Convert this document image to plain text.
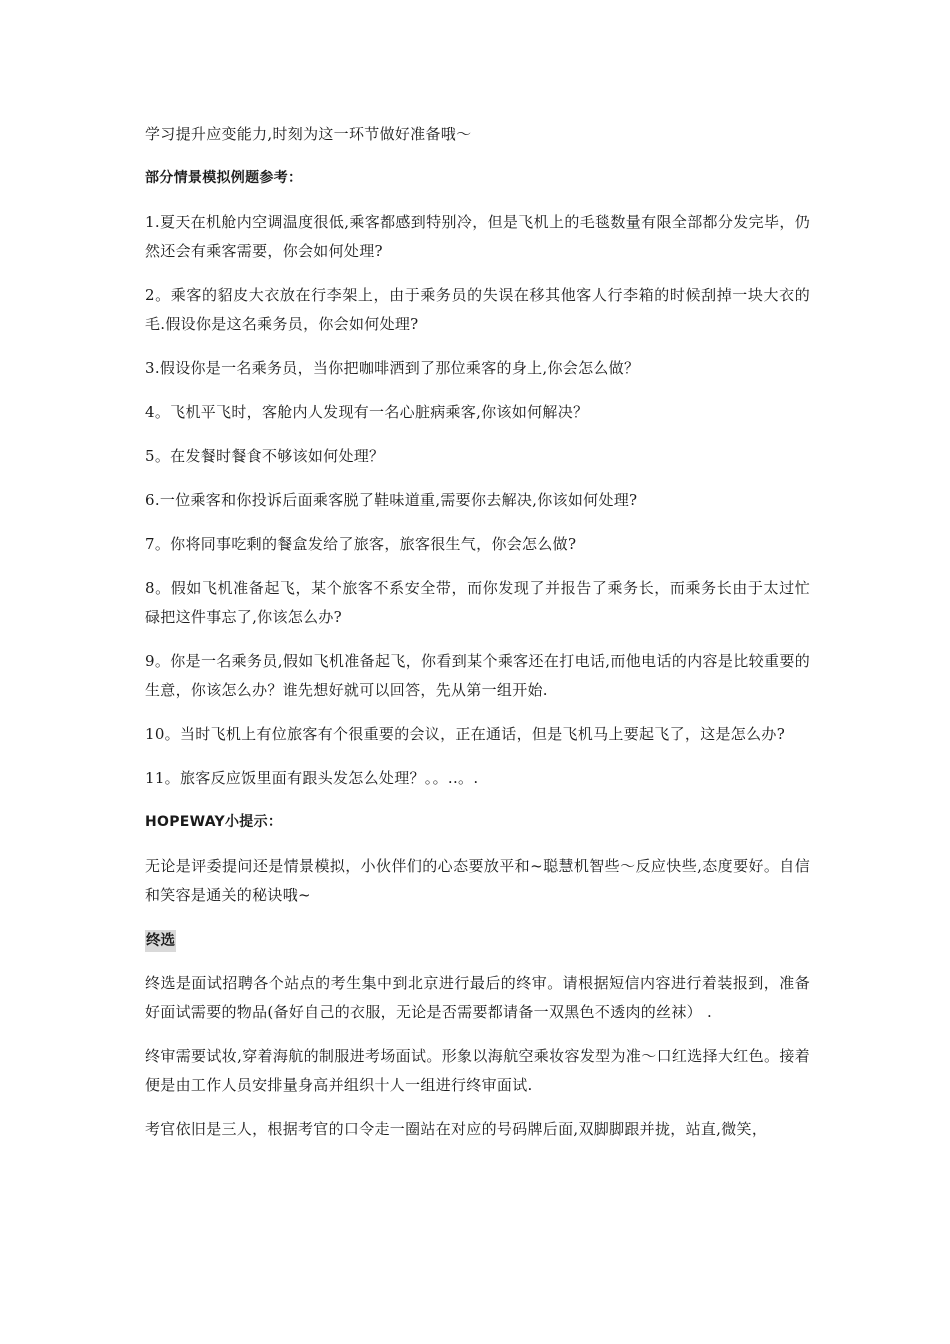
学习提升应变能力,时刻为这一环节做好准备哦～

部分情景模拟例题参考：

1.夏天在机舱内空调温度很低,乘客都感到特别冷，但是飞机上的毛毯数量有限全部都分发完毕，仍然还会有乘客需要，你会如何处理?

2。乘客的貂皮大衣放在行李架上，由于乘务员的失误在移其他客人行李箱的时候刮掉一块大衣的毛.假设你是这名乘务员，你会如何处理?

3.假设你是一名乘务员，当你把咖啡洒到了那位乘客的身上,你会怎么做？

4。飞机平飞时，客舱内人发现有一名心脏病乘客,你该如何解决？

5。在发餐时餐食不够该如何处理？

6.一位乘客和你投诉后面乘客脱了鞋味道重,需要你去解决,你该如何处理?

7。你将同事吃剩的餐盒发给了旅客，旅客很生气，你会怎么做?

8。假如飞机准备起飞，某个旅客不系安全带，而你发现了并报告了乘务长，而乘务长由于太过忙碌把这件事忘了,你该怎么办?

9。你是一名乘务员,假如飞机准备起飞，你看到某个乘客还在打电话,而他电话的内容是比较重要的生意，你该怎么办？谁先想好就可以回答，先从第一组开始.

10。当时飞机上有位旅客有个很重要的会议，正在通话，但是飞机马上要起飞了，这是怎么办?

11。旅客反应饭里面有跟头发怎么处理？。。..。.

HOPEWAY小提示：

无论是评委提问还是情景模拟，小伙伴们的心态要放平和~聪慧机智些～反应快些,态度要好。自信和笑容是通关的秘诀哦~

终选

终选是面试招聘各个站点的考生集中到北京进行最后的终审。请根据短信内容进行着装报到，准备好面试需要的物品(备好自己的衣服，无论是否需要都请备一双黑色不透肉的丝袜） .

终审需要试妆,穿着海航的制服进考场面试。形象以海航空乘妆容发型为准～口红选择大红色。接着便是由工作人员安排量身高并组织十人一组进行终审面试.

考官依旧是三人，根据考官的口令走一圈站在对应的号码牌后面,双脚脚跟并拢，站直,微笑，
